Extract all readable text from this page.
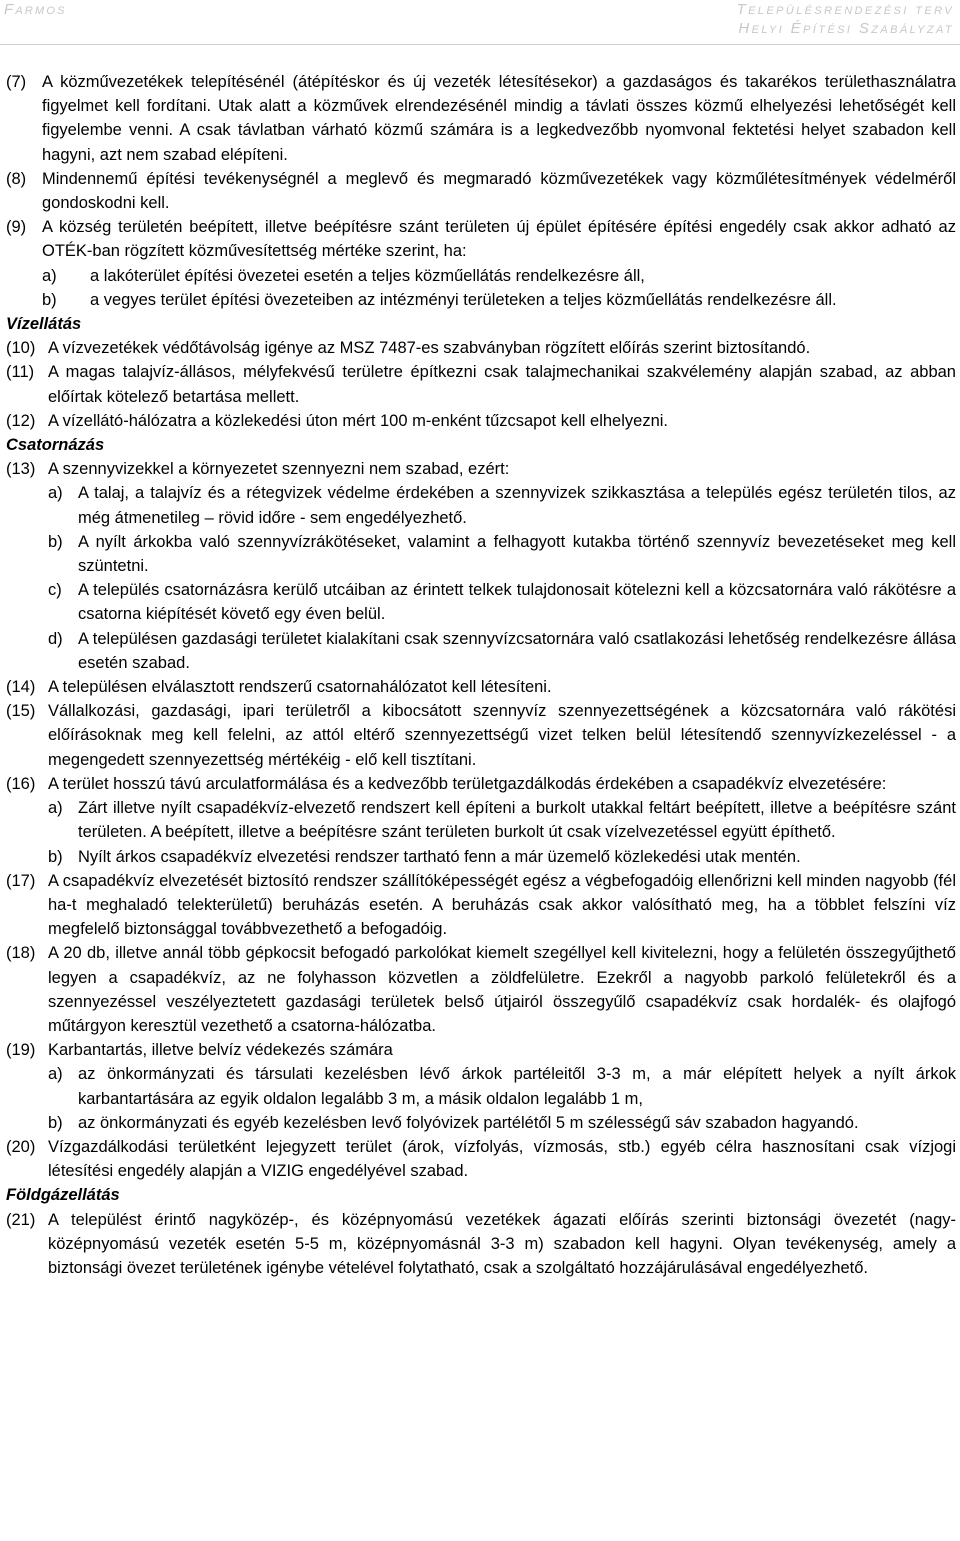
Farmos	Településrendezési terv
Helyi Építési Szabályzat
(7) A közművezetékek telepítésénél (átépítéskor és új vezeték létesítésekor) a gazdaságos és takarékos területhasználatra figyelmet kell fordítani. Utak alatt a közművek elrendezésénél mindig a távlati összes közmű elhelyezési lehetőségét kell figyelembe venni. A csak távlatban várható közmű számára is a legkedvezőbb nyomvonal fektetési helyet szabadon kell hagyni, azt nem szabad elépíteni.
(8) Mindennemű építési tevékenységnél a meglevő és megmaradó közművezetékek vagy közműlétesítmények védelméről gondoskodni kell.
(9) A község területén beépített, illetve beépítésre szánt területen új épület építésére építési engedély csak akkor adható az OTÉK-ban rögzített közművesítettség mértéke szerint, ha:
a) a lakóterület építési övezetei esetén a teljes közműellátás rendelkezésre áll,
b) a vegyes terület építési övezeteiben az intézményi területeken a teljes közműellátás rendelkezésre áll.
Vízellátás
(10) A vízvezetékek védőtávolság igénye az MSZ 7487-es szabványban rögzített előírás szerint biztosítandó.
(11) A magas talajvíz-állásos, mélyfekvésű területre építkezni csak talajmechanikai szakvélemény alapján szabad, az abban előírtak kötelező betartása mellett.
(12) A vízellátó-hálózatra a közlekedési úton mért 100 m-enként tűzcsapot kell elhelyezni.
Csatornázás
(13) A szennyvizekkel a környezetet szennyezni nem szabad, ezért:
a) A talaj, a talajvíz és a rétegvizek védelme érdekében a szennyvizek szikkasztása a település egész területén tilos, az még átmenetileg – rövid időre - sem engedélyezhető.
b) A nyílt árkokba való szennyvízrákötéseket, valamint a felhagyott kutakba történő szennyvíz bevezetéseket meg kell szüntetni.
c) A település csatornázásra kerülő utcáiban az érintett telkek tulajdonosait kötelezni kell a közcsatornára való rákötésre a csatorna kiépítését követő egy éven belül.
d) A településen gazdasági területet kialakítani csak szennyvízcsatornára való csatlakozási lehetőség rendelkezésre állása esetén szabad.
(14) A településen elválasztott rendszerű csatornahálózatot kell létesíteni.
(15) Vállalkozási, gazdasági, ipari területről a kibocsátott szennyvíz szennyezettségének a közcsatornára való rákötési előírásoknak meg kell felelni, az attól eltérő szennyezettségű vizet telken belül létesítendő szennyvízkezeléssel - a megengedett szennyezettség mértékéig - elő kell tisztítani.
(16) A terület hosszú távú arculatformálása és a kedvezőbb területgazdálkodás érdekében a csapadékvíz elvezetésére:
a) Zárt illetve nyílt csapadékvíz-elvezető rendszert kell építeni a burkolt utakkal feltárt beépített, illetve a beépítésre szánt területen. A beépített, illetve a beépítésre szánt területen burkolt út csak vízelvezetéssel együtt építhető.
b) Nyílt árkos csapadékvíz elvezetési rendszer tartható fenn a már üzemelő közlekedési utak mentén.
(17) A csapadékvíz elvezetését biztosító rendszer szállítóképességét egész a végbefogadóig ellenőrizni kell minden nagyobb (fél ha-t meghaladó telekterületű) beruházás esetén. A beruházás csak akkor valósítható meg, ha a többlet felszíni víz megfelelő biztonsággal továbbvezethető a befogadóig.
(18) A 20 db, illetve annál több gépkocsit befogadó parkolókat kiemelt szegéllyel kell kivitelezni, hogy a felületén összegyűjthető legyen a csapadékvíz, az ne folyhasson közvetlen a zöldfelületre. Ezekről a nagyobb parkoló felületekről és a szennyezéssel veszélyeztetett gazdasági területek belső útjairól összegyűlő csapadékvíz csak hordalék- és olajfogó műtárgyon keresztül vezethető a csatorna-hálózatba.
(19) Karbantartás, illetve belvíz védekezés számára
a) az önkormányzati és társulati kezelésben lévő árkok partéleitől 3-3 m, a már elépített helyek a nyílt árkok karbantartására az egyik oldalon legalább 3 m, a másik oldalon legalább 1 m,
b) az önkormányzati és egyéb kezelésben levő folyóvizek partélétől 5 m szélességű sáv szabadon hagyandó.
(20) Vízgazdálkodási területként lejegyzett terület (árok, vízfolyás, vízmosás, stb.) egyéb célra hasznosítani csak vízjogi létesítési engedély alapján a VIZIG engedélyével szabad.
Földgázellátás
(21) A települést érintő nagyközép-, és középnyomású vezetékek ágazati előírás szerinti biztonsági övezetét (nagy-középnyomású vezeték esetén 5-5 m, középnyomásnál 3-3 m) szabadon kell hagyni. Olyan tevékenység, amely a biztonsági övezet területének igénybe vételével folytatható, csak a szolgáltató hozzájárulásával engedélyezhető.
